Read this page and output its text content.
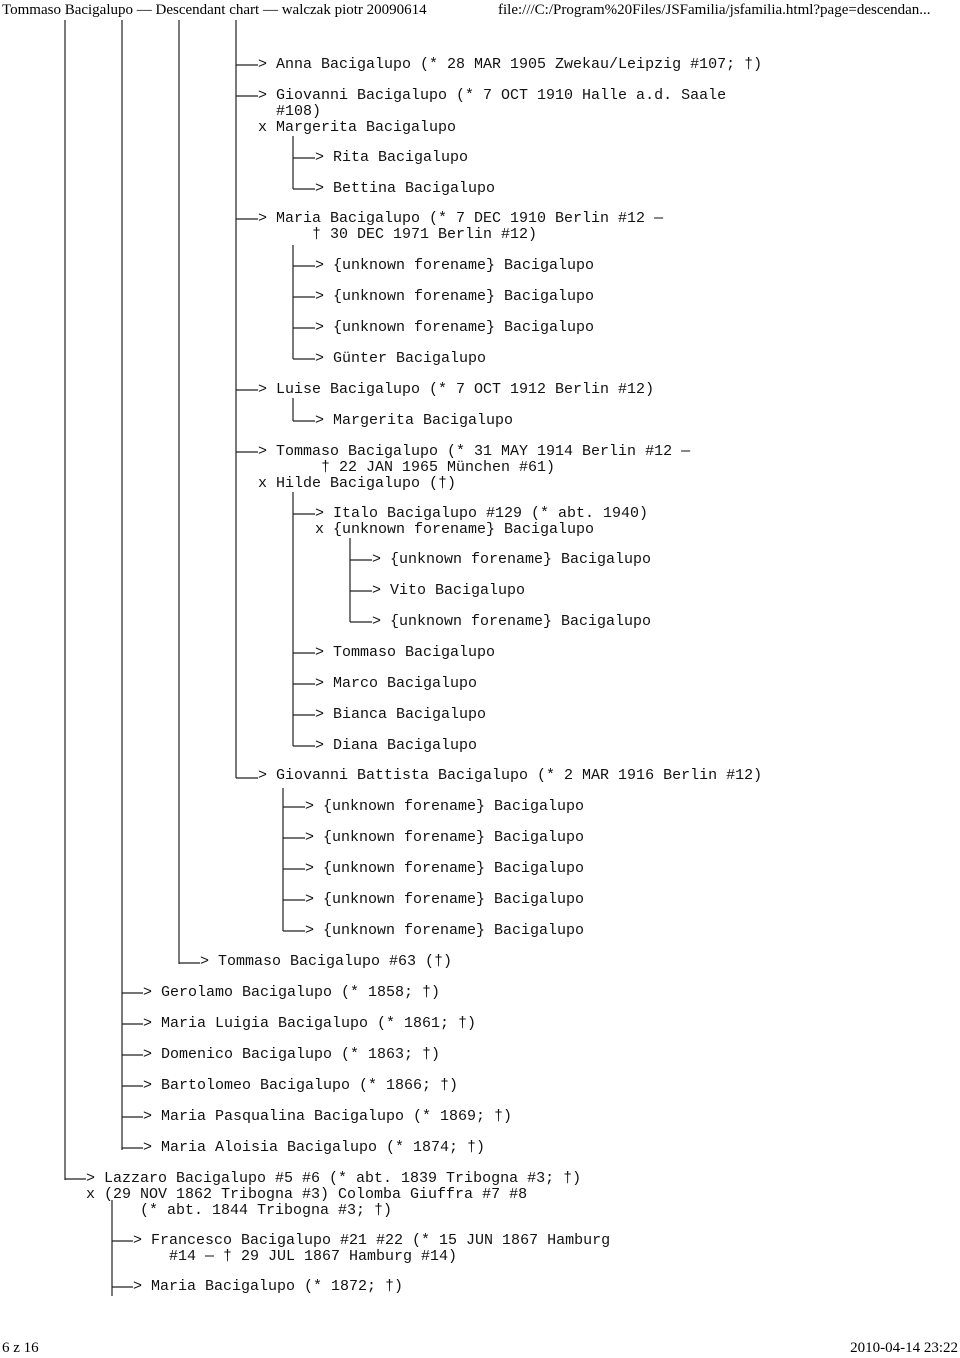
Tommaso Bacigalupo — Descendant chart — walczak piotr 20090614	file:///C:/Program%20Files/JSFamilia/jsfamilia.html?page=descendan...
> Anna Bacigalupo (* 28 MAR 1905 Zwekau/Leipzig #107; †)
> Giovanni Bacigalupo (* 7 OCT 1910 Halle a.d. Saale
#108)
x Margerita Bacigalupo
> Rita Bacigalupo
> Bettina Bacigalupo
> Maria Bacigalupo (* 7 DEC 1910 Berlin #12 —
† 30 DEC 1971 Berlin #12)
> {unknown forename} Bacigalupo
> {unknown forename} Bacigalupo
> {unknown forename} Bacigalupo
> Günter Bacigalupo
> Luise Bacigalupo (* 7 OCT 1912 Berlin #12)
> Margerita Bacigalupo
> Tommaso Bacigalupo (* 31 MAY 1914 Berlin #12 —
† 22 JAN 1965 München #61)
x Hilde Bacigalupo (†)
> Italo Bacigalupo #129 (* abt. 1940)
x {unknown forename} Bacigalupo
> {unknown forename} Bacigalupo
> Vito Bacigalupo
> {unknown forename} Bacigalupo
> Tommaso Bacigalupo
> Marco Bacigalupo
> Bianca Bacigalupo
> Diana Bacigalupo
> Giovanni Battista Bacigalupo (* 2 MAR 1916 Berlin #12)
> {unknown forename} Bacigalupo
> {unknown forename} Bacigalupo
> {unknown forename} Bacigalupo
> {unknown forename} Bacigalupo
> {unknown forename} Bacigalupo
> Tommaso Bacigalupo #63 (†)
> Gerolamo Bacigalupo (* 1858; †)
> Maria Luigia Bacigalupo (* 1861; †)
> Domenico Bacigalupo (* 1863; †)
> Bartolomeo Bacigalupo (* 1866; †)
> Maria Pasqualina Bacigalupo (* 1869; †)
> Maria Aloisia Bacigalupo (* 1874; †)
> Lazzaro Bacigalupo #5 #6 (* abt. 1839 Tribogna #3; †)
x (29 NOV 1862 Tribogna #3) Colomba Giuffra #7 #8
(* abt. 1844 Tribogna #3; †)
> Francesco Bacigalupo #21 #22 (* 15 JUN 1867 Hamburg
#14 — † 29 JUL 1867 Hamburg #14)
> Maria Bacigalupo (* 1872; †)
6 z 16	2010-04-14 23:22
